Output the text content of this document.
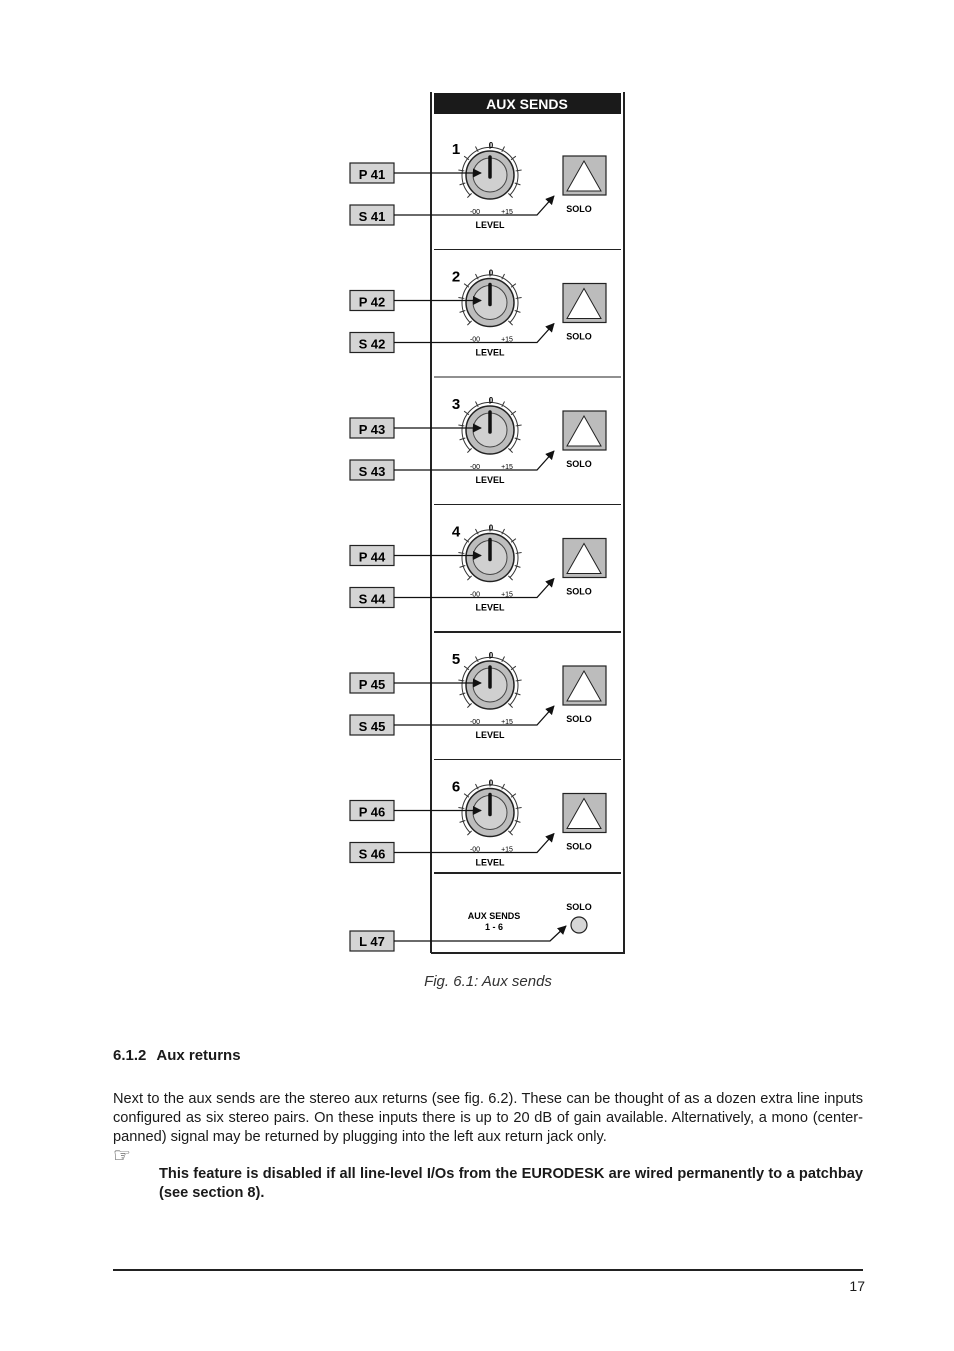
AUX SENDS
1	0
-00	+15
LEVEL
SOLO
P 41
S 41
2	0
-00	+15
LEVEL
SOLO
P 42
S 42
3	0
-00	+15
LEVEL
SOLO
P 43
S 43
4	0
-00	+15
LEVEL
SOLO
P 44
S 44
5	0
-00	+15
LEVEL
SOLO
P 45
S 45
6	0
-00	+15
LEVEL
SOLO
P 46
S 46
AUX SENDS
1 - 6
SOLO
L 47
Fig. 6.1: Aux sends
6.1.2 Aux returns

Next to the aux sends are the stereo aux returns (see fig. 6.2). These can be thought of as a dozen extra line inputs configured as six stereo pairs. On these inputs there is up to 20 dB of gain available. Alternatively, a mono (center-panned) signal may be returned by plugging into the left aux return jack only.

☞

This feature is disabled if all line-level I/Os from the EURODESK are wired permanently to a patchbay (see section 8).

17
